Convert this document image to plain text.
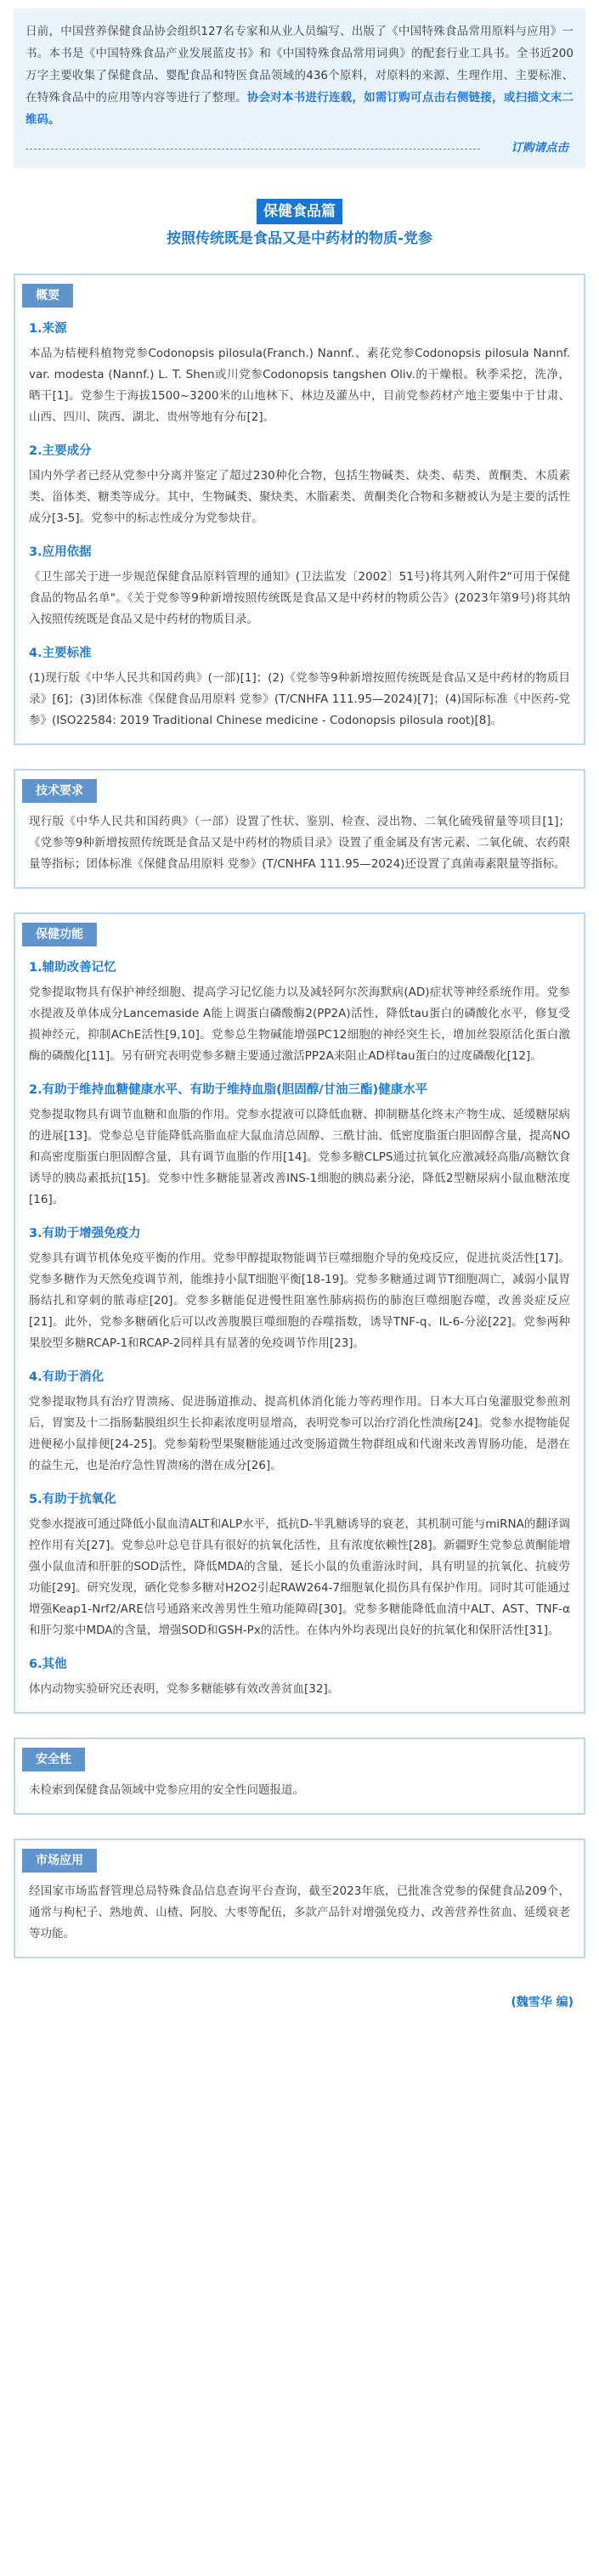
日前，中国营养保健食品协会组织127名专家和从业人员编写、出版了《中国特殊食品常用原料与应用》一书。本书是《中国特殊食品产业发展蓝皮书》和《中国特殊食品常用词典》的配套行业工具书。全书近200万字主要收集了保健食品、婴配食品和特医食品领域的436个原料，对原料的来源、生理作用、主要标准、在特殊食品中的应用等内容等进行了整理。协会对本书进行连载，如需订购可点击右侧链接，或扫描文末二维码。

订购请点击
保健食品篇
按照传统既是食品又是中药材的物质-党参
概要
1.来源

本品为桔梗科植物党参Codonopsis pilosula(Franch.) Nannf.、素花党参Codonopsis pilosula Nannf. var. modesta (Nannf.) L. T. Shen或川党参Codonopsis tangshen Oliv.的干燥根。秋季采挖，洗净，晒干[1]。党参生于海拔1500~3200米的山地林下、林边及灌丛中，目前党参药材产地主要集中于甘肃、山西、四川、陕西、湖北、贵州等地有分布[2]。

2.主要成分

国内外学者已经从党参中分离并鉴定了超过230种化合物，包括生物碱类、炔类、萜类、黄酮类、木质素类、甾体类、糖类等成分。其中，生物碱类、聚炔类、木脂素类、黄酮类化合物和多糖被认为是主要的活性成分[3-5]。党参中的标志性成分为党参炔苷。

3.应用依据

《卫生部关于进一步规范保健食品原料管理的通知》(卫法监发〔2002〕51号)将其列入附件2"可用于保健食品的物品名单"。《关于党参等9种新增按照传统既是食品又是中药材的物质公告》(2023年第9号)将其纳入按照传统既是食品又是中药材的物质目录。

4.主要标准

(1)现行版《中华人民共和国药典》(一部)[1]；(2)《党参等9种新增按照传统既是食品又是中药材的物质目录》[6]；(3)团体标准《保健食品用原料 党参》(T/CNHFA 111.95—2024)[7]；(4)国际标准《中医药-党参》(ISO22584: 2019 Traditional Chinese medicine - Codonopsis pilosula root)[8]。

技术要求

现行版《中华人民共和国药典》（一部）设置了性状、鉴别、检查、浸出物、二氧化硫残留量等项目[1]；《党参等9种新增按照传统既是食品又是中药材的物质目录》设置了重金属及有害元素、二氧化硫、农药限量等指标；团体标准《保健食品用原料 党参》(T/CNHFA 111.95—2024)还设置了真菌毒素限量等指标。

保健功能
1.辅助改善记忆

党参提取物具有保护神经细胞、提高学习记忆能力以及减轻阿尔茨海默病(AD)症状等神经系统作用。党参水提液及单体成分Lancemaside A能上调蛋白磷酸酶2(PP2A)活性，降低tau蛋白的磷酸化水平，修复受损神经元，抑制AChE活性[9,10]。党参总生物碱能增强PC12细胞的神经突生长，增加丝裂原活化蛋白激酶的磷酸化[11]。另有研究表明党参多糖主要通过激活PP2A来阻止AD样tau蛋白的过度磷酸化[12]。

2.有助于维持血糖健康水平、有助于维持血脂(胆固醇/甘油三酯)健康水平

党参提取物具有调节血糖和血脂的作用。党参水提液可以降低血糖、抑制糖基化终末产物生成、延缓糖尿病的进展[13]。党参总皂苷能降低高脂血症大鼠血清总固醇、三酰甘油、低密度脂蛋白胆固醇含量，提高NO和高密度脂蛋白胆固醇含量，具有调节血脂的作用[14]。党参多糖CLPS通过抗氧化应激减轻高脂/高糖饮食诱导的胰岛素抵抗[15]。党参中性多糖能显著改善INS-1细胞的胰岛素分泌，降低2型糖尿病小鼠血糖浓度[16]。

3.有助于增强免疫力

党参具有调节机体免疫平衡的作用。党参甲醇提取物能调节巨噬细胞介导的免疫反应，促进抗炎活性[17]。党参多糖作为天然免疫调节剂，能维持小鼠T细胞平衡[18-19]。党参多糖通过调节T细胞凋亡，减弱小鼠胃肠结扎和穿刺的脓毒症[20]。党参多糖能促进慢性阻塞性肺病损伤的肺泡巨噬细胞吞噬，改善炎症反应[21]。此外，党参多糖硒化后可以改善腹膜巨噬细胞的吞噬指数，诱导TNF-q、IL-6-分泌[22]。党参两种果胶型多糖RCAP-1和RCAP-2同样具有显著的免疫调节作用[23]。

4.有助于消化

党参提取物具有治疗胃溃疡、促进肠道推动、提高机体消化能力等药理作用。日本大耳白兔灌服党参煎剂后，胃窦及十二指肠黏膜组织生长抑素浓度明显增高，表明党参可以治疗消化性溃疡[24]。党参水提物能促进便秘小鼠排便[24-25]。党参菊粉型果聚糖能通过改变肠道微生物群组成和代谢来改善胃肠功能，是潜在的益生元，也是治疗急性胃溃疡的潜在成分[26]。

5.有助于抗氧化

党参水提液可通过降低小鼠血清ALT和ALP水平，抵抗D-半乳糖诱导的衰老，其机制可能与miRNA的翻译调控作用有关[27]。党参总叶总皂苷具有很好的抗氧化活性，且有浓度依赖性[28]。新疆野生党参总黄酮能增强小鼠血清和肝脏的SOD活性，降低MDA的含量，延长小鼠的负重游泳时间，具有明显的抗氧化、抗疲劳功能[29]。研究发现，硒化党参多糖对H2O2引起RAW264-7细胞氧化损伤具有保护作用。同时其可能通过增强Keap1-Nrf2/ARE信号通路来改善男性生殖功能障碍[30]。党参多糖能降低血清中ALT、AST、TNF-α和肝匀浆中MDA的含量，增强SOD和GSH-Px的活性。在体内外均表现出良好的抗氧化和保肝活性[31]。

6.其他

体内动物实验研究还表明，党参多糖能够有效改善贫血[32]。

安全性

未检索到保健食品领域中党参应用的安全性问题报道。

市场应用

经国家市场监督管理总局特殊食品信息查询平台查询，截至2023年底，已批准含党参的保健食品209个，通常与枸杞子、熟地黄、山楂、阿胶、大枣等配伍，多款产品针对增强免疫力、改善营养性贫血、延缓衰老等功能。

(魏雪华 编)
